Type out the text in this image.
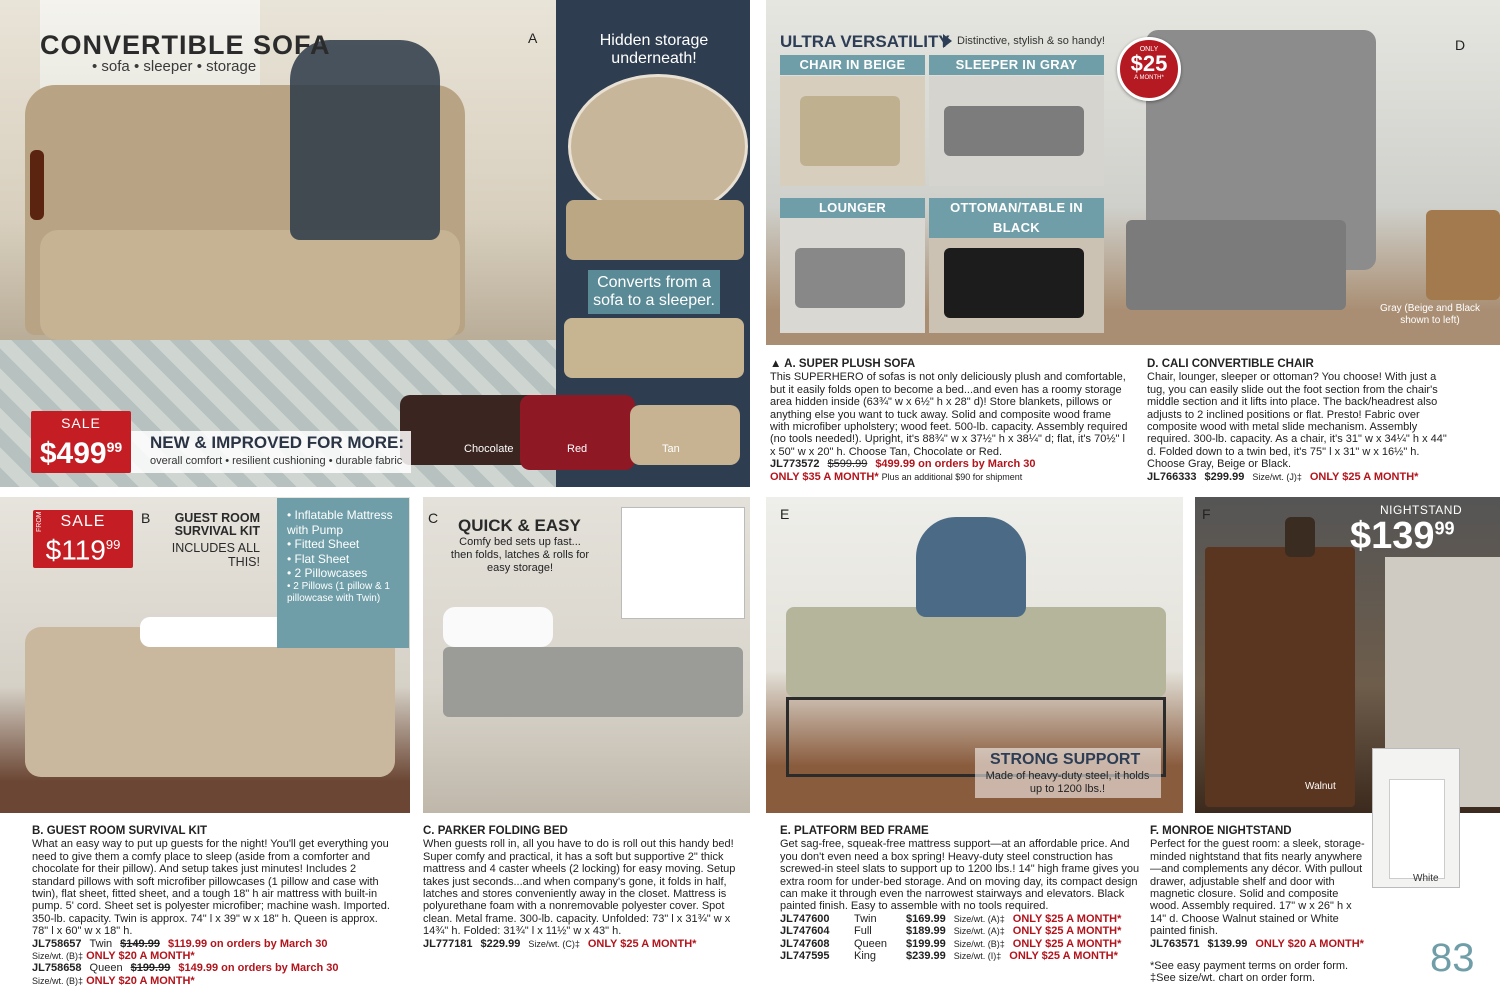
Hidden storage underneath!
Converts from a sofa to a sleeper.
A
CONVERTIBLE SOFA
• sofa • sleeper • storage
Chocolate	Red	Tan
SALE
$\$499^{99}$	NEW & IMPROVED FOR MORE:
overall comfort • resilient cushioning • durable fabric
ULTRA VERSATILITY Distinctive, stylish & so handy!	D
ONLY
$25
A MONTH*
CHAIR IN BEIGE	SLEEPER IN GRAY
LOUNGER	OTTOMAN/TABLE IN BLACK
Gray (Beige and Black shown to left)
▲ A. SUPER PLUSH SOFA
This SUPERHERO of sofas is not only deliciously plush and comfortable, but it easily folds open to become a bed...and even has a roomy storage area hidden inside (63¾" w x 6½" h x 28" d)! Store blankets, pillows or anything else you want to tuck away. Solid and composite wood frame with microfiber upholstery; wood feet. 500-lb. capacity. Assembly required (no tools needed!). Upright, it's 88¾" w x 37½" h x 38¼" d; flat, it's 70½" l x 50" w x 20" h. Choose Tan, Chocolate or Red.
JL773572 $599.99 $499.99 on orders by March 30
ONLY $35 A MONTH* Plus an additional $90 for shipment
D. CALI CONVERTIBLE CHAIR
Chair, lounger, sleeper or ottoman? You choose! With just a tug, you can easily slide out the foot section from the chair's middle section and it lifts into place. The back/headrest also adjusts to 2 inclined positions or flat. Presto! Fabric over composite wood with metal slide mechanism. Assembly required. 300-lb. capacity. As a chair, it's 31" w x 34¼" h x 44" d. Folded down to a twin bed, it's 75" l x 31" w x 16½" h. Choose Gray, Beige or Black.
JL766333 $299.99 Size/wt. (J)‡ ONLY $25 A MONTH*
SALE
$\$119^{99}$
FROM	B	GUEST ROOM SURVIVAL KIT
INCLUDES ALL THIS!
• Inflatable Mattress with Pump
• Fitted Sheet
• Flat Sheet
• 2 Pillowcases
• 2 Pillows (1 pillow & 1 pillowcase with Twin)
C QUICK & EASY
Comfy bed sets up fast... then folds, latches & rolls for easy storage!
E
STRONG SUPPORT
Made of heavy-duty steel, it holds up to 1200 lbs.!
F	NIGHTSTAND
$\$139^{99}$
Walnut
White
B. GUEST ROOM SURVIVAL KIT
What an easy way to put up guests for the night! You'll get everything you need to give them a comfy place to sleep (aside from a comforter and chocolate for their pillow). And setup takes just minutes! Includes 2 standard pillows with soft microfiber pillowcases (1 pillow and case with twin), flat sheet, fitted sheet, and a tough 18" h air mattress with built-in pump. 5' cord. Sheet set is polyester microfiber; machine wash. Imported. 350-lb. capacity. Twin is approx. 74" l x 39" w x 18" h. Queen is approx. 78" l x 60" w x 18" h.
JL758657 Twin $149.99 $119.99 on orders by March 30
Size/wt. (B)‡ ONLY $20 A MONTH*
JL758658 Queen $199.99 $149.99 on orders by March 30
Size/wt. (B)‡ ONLY $20 A MONTH*
C. PARKER FOLDING BED
When guests roll in, all you have to do is roll out this handy bed! Super comfy and practical, it has a soft but supportive 2" thick mattress and 4 caster wheels (2 locking) for easy moving. Setup takes just seconds...and when company's gone, it folds in half, latches and stores conveniently away in the closet. Mattress is polyurethane foam with a nonremovable polyester cover. Spot clean. Metal frame. 300-lb. capacity. Unfolded: 73" l x 31¾" w x 14¾" h. Folded: 31¾" l x 11½" w x 43" h.
JL777181 $229.99 Size/wt. (C)‡ ONLY $25 A MONTH*
E. PLATFORM BED FRAME
Get sag-free, squeak-free mattress support—at an affordable price. And you don't even need a box spring! Heavy-duty steel construction has screwed-in steel slats to support up to 1200 lbs.! 14" high frame gives you extra room for under-bed storage. And on moving day, its compact design can make it through even the narrowest stairways and elevators. Black painted finish. Easy to assemble with no tools required.
JL747600	Twin	$169.99 Size/wt. (A)‡ ONLY $25 A MONTH*
JL747604	Full	$189.99 Size/wt. (A)‡ ONLY $25 A MONTH*
JL747608	Queen	$199.99 Size/wt. (B)‡ ONLY $25 A MONTH*
JL747595	King	$239.99 Size/wt. (I)‡ ONLY $25 A MONTH*
F. MONROE NIGHTSTAND
Perfect for the guest room: a sleek, storage-minded nightstand that fits nearly anywhere—and complements any décor. With pullout drawer, adjustable shelf and door with magnetic closure. Solid and composite wood. Assembly required. 17" w x 26" h x 14" d. Choose Walnut stained or White painted finish.
JL763571 $139.99 ONLY $20 A MONTH*
*See easy payment terms on order form.
‡See size/wt. chart on order form.	83
